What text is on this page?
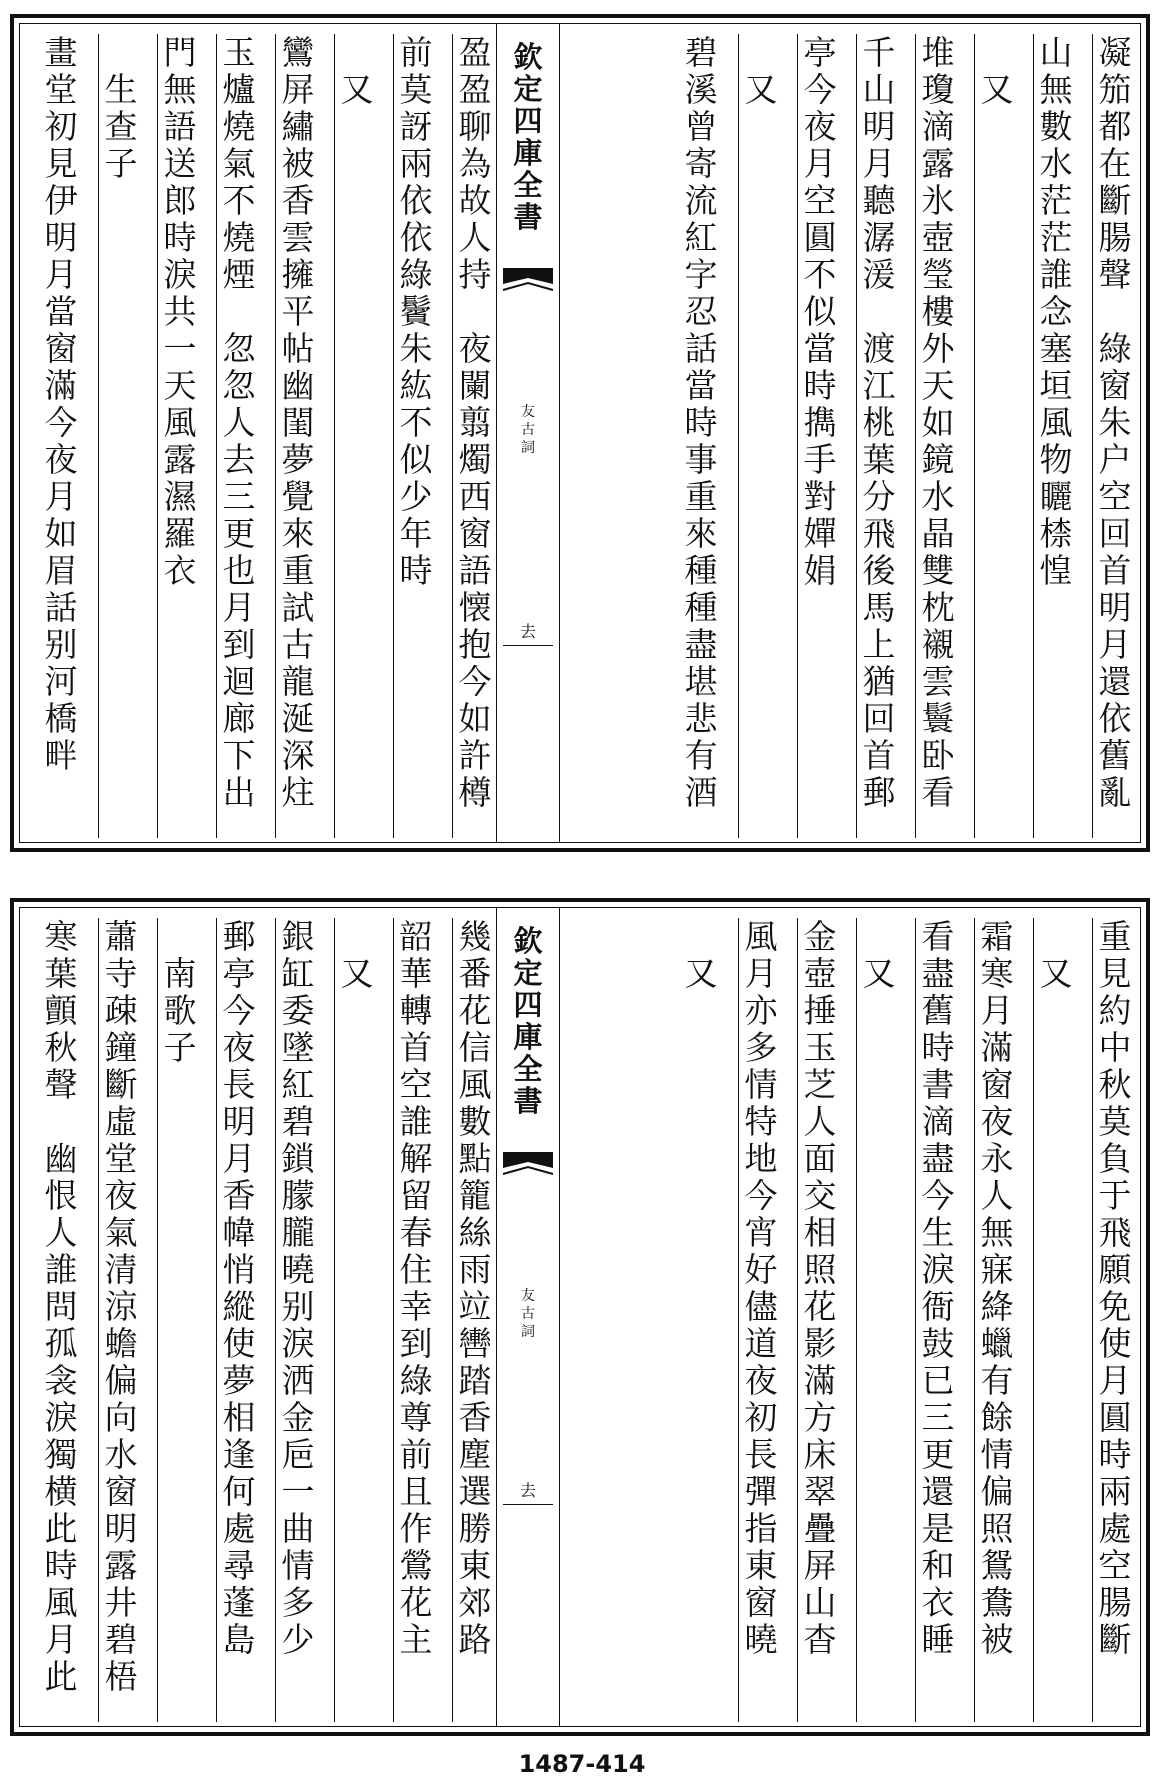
欽
定
四
庫
全
書
友
古
詞
去
凝
笳
都
在
斷
腸
聲

綠
窗
朱
户
空
回
首
明
月
還
依
舊
亂
山
無
數
水
茫
茫
誰
念
塞
垣
風
物
矖
㮏
惶

又
堆
瓊
滴
露
氷
壺
瑩
樓
外
天
如
鏡
水
晶
雙
枕
襯
雲
鬟
卧
看
千
山
明
月
聽
潺
湲

渡
江
桃
葉
分
飛
後
馬
上
猶
回
首
郵
亭
今
夜
月
空
圓
不
似
當
時
擕
手
對
嬋
娟

又
碧
溪
曾
寄
流
紅
字
忍
話
當
時
事
重
來
種
種
盡
堪
悲
有
酒
盈
盈
聊
為
故
人
持

夜
闌
翦
燭
西
窗
語
懐
抱
今
如
許
樽
前
莫
訝
兩
依
依
綠
鬢
朱
紘
不
似
少
年
時

又
鸞
屏
繡
被
香
雲
擁
平
帖
幽
閨
夢
覺
來
重
試
古
龍
涎
深
炷
玉
爐
燒
氣
不
燒
煙

忽
忽
人
去
三
更
也
月
到
迴
廊
下
出
門
無
語
送
郎
時
淚
共
一
天
風
露
濕
羅
衣

生
查
子
畫
堂
初
見
伊
明
月
當
窗
滿
今
夜
月
如
眉
話
别
河
橋
畔
欽
定
四
庫
全
書
友
古
詞
去
重
見
約
中
秋
莫
負
于
飛
願
免
使
月
圓
時
兩
處
空
腸
斷

又
霜
寒
月
滿
窗
夜
永
人
無
寐
絳
蠟
有
餘
情
偏
照
鴛
鴦
被
看
盡
舊
時
書
滴
盡
今
生
淚
衙
鼓
已
三
更
還
是
和
衣
睡

又
金
壺
捶
玉
芝
人
面
交
相
照
花
影
滿
方
床
翠
疊
屏
山
杳
風
月
亦
多
情
特
地
今
宵
好
儘
道
夜
初
長
彈
指
東
窗
曉

又
幾
番
花
信
風
數
點
籠
絲
雨
竝
轡
踏
香
塵
選
勝
東
郊
路
韶
華
轉
首
空
誰
解
留
春
住
幸
到
綠
尊
前
且
作
鶯
花
主

又
銀
缸
委
墜
紅
碧
鎖
朦
朧
曉
别
淚
洒
金
巵
一
曲
情
多
少
郵
亭
今
夜
長
明
月
香
幃
悄
縱
使
夢
相
逢
何
處
尋
蓬
島

南
歌
子
蕭
寺
疎
鐘
斷
虛
堂
夜
氣
清
涼
蟾
偏
向
水
窗
明
露
井
碧
梧
寒
葉
顫
秋
聲

幽
恨
人
誰
問
孤
衾
淚
獨
横
此
時
風
月
此
1487-414
